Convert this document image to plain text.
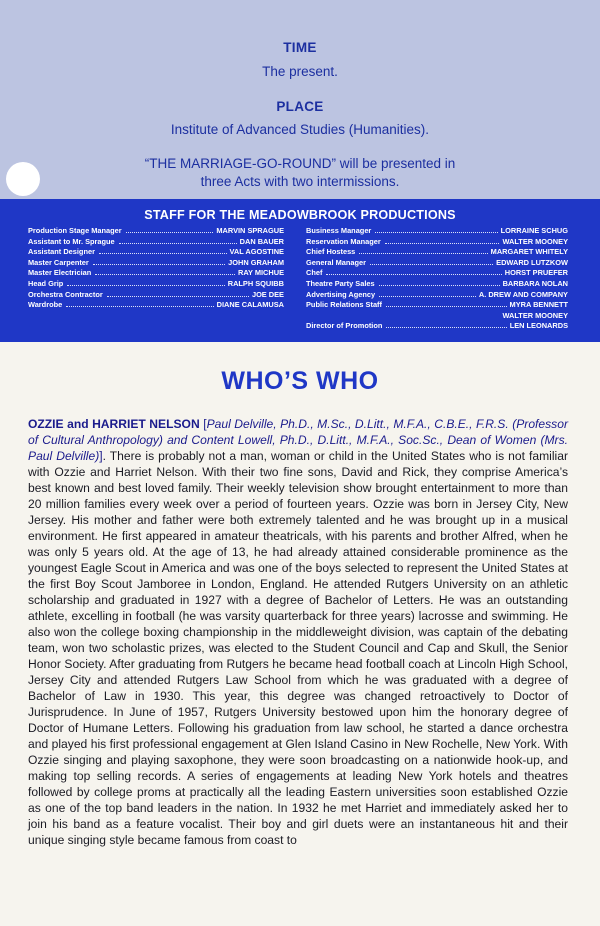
TIME
The present.
PLACE
Institute of Advanced Studies (Humanities).
“THE MARRIAGE-GO-ROUND” will be presented in
three Acts with two intermissions.
STAFF FOR THE MEADOWBROOK PRODUCTIONS
Production Stage Manager	MARVIN SPRAGUE
Assistant to Mr. Sprague	DAN BAUER
Assistant Designer	VAL AGOSTINE
Master Carpenter	JOHN GRAHAM
Master Electrician	RAY MICHUE
Head Grip	RALPH SQUIBB
Orchestra Contractor	JOE DEE
Wardrobe	DIANE CALAMUSA
Business Manager	LORRAINE SCHUG
Reservation Manager	WALTER MOONEY
Chief Hostess	MARGARET WHITELY
General Manager	EDWARD LUTZKOW
Chef	HORST PRUEFER
Theatre Party Sales	BARBARA NOLAN
Advertising Agency	A. DREW AND COMPANY
Public Relations Staff	MYRA BENNETT
WALTER MOONEY
Director of Promotion	LEN LEONARDS
WHO’S WHO
OZZIE and HARRIET NELSON [Paul Delville, Ph.D., M.Sc., D.Litt., M.F.A., C.B.E., F.R.S. (Professor of Cultural Anthropology) and Content Lowell, Ph.D., D.Litt., M.F.A., Soc.Sc., Dean of Women (Mrs. Paul Delville)]. There is probably not a man, woman or child in the United States who is not familiar with Ozzie and Harriet Nelson. With their two fine sons, David and Rick, they comprise America’s best known and best loved family. Their weekly television show brought entertainment to more than 20 million families every week over a period of fourteen years. Ozzie was born in Jersey City, New Jersey. His mother and father were both extremely talented and he was brought up in a musical environment. He first appeared in amateur theatricals, with his parents and brother Alfred, when he was only 5 years old. At the age of 13, he had already attained considerable prominence as the youngest Eagle Scout in America and was one of the boys selected to represent the United States at the first Boy Scout Jamboree in London, England. He attended Rutgers University on an athletic scholarship and graduated in 1927 with a degree of Bachelor of Letters. He was an outstanding athlete, excelling in football (he was varsity quarterback for three years) lacrosse and swimming. He also won the college boxing championship in the middleweight division, was captain of the debating team, won two scholastic prizes, was elected to the Student Council and Cap and Skull, the Senior Honor Society. After graduating from Rutgers he became head football coach at Lincoln High School, Jersey City and attended Rutgers Law School from which he was graduated with a degree of Bachelor of Law in 1930. This year, this degree was changed retroactively to Doctor of Jurisprudence. In June of 1957, Rutgers University bestowed upon him the honorary degree of Doctor of Humane Letters. Following his graduation from law school, he started a dance orchestra and played his first professional engagement at Glen Island Casino in New Rochelle, New York. With Ozzie singing and playing saxophone, they were soon broadcasting on a nationwide hook-up, and making top selling records. A series of engagements at leading New York hotels and theatres followed by college proms at practically all the leading Eastern universities soon established Ozzie as one of the top band leaders in the nation. In 1932 he met Harriet and immediately asked her to join his band as a feature vocalist. Their boy and girl duets were an instantaneous hit and their unique singing style became famous from coast to
